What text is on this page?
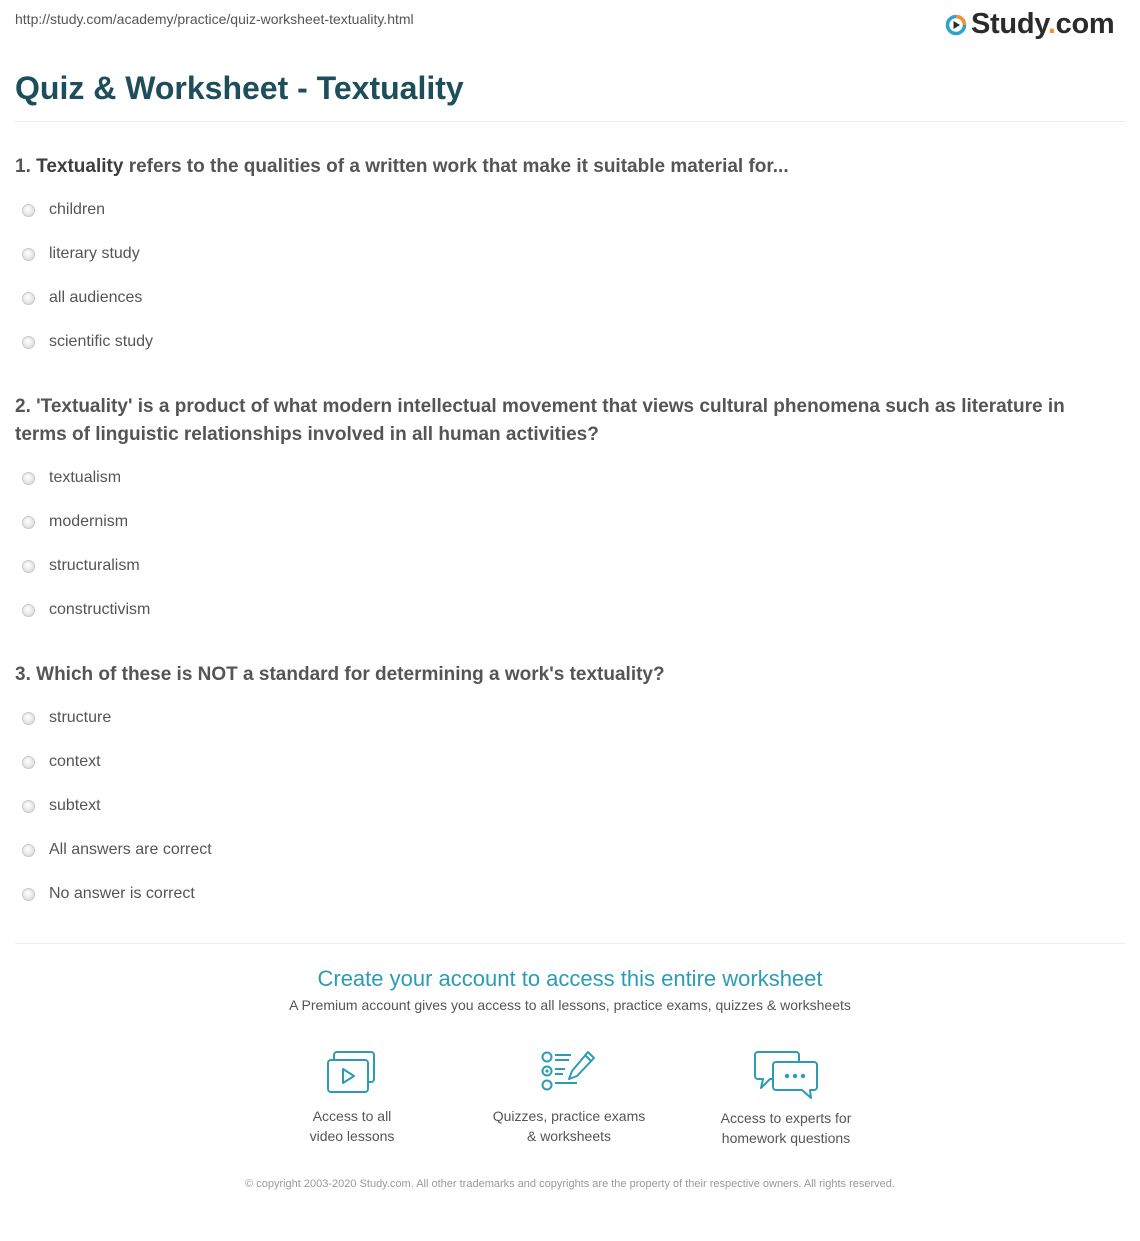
http://study.com/academy/practice/quiz-worksheet-textuality.html	Study.com
Quiz & Worksheet - Textuality

1. Textuality refers to the qualities of a written work that make it suitable material for...

children
literary study
all audiences
scientific study

2. 'Textuality' is a product of what modern intellectual movement that views cultural phenomena such as literature in terms of linguistic relationships involved in all human activities?

textualism
modernism
structuralism
constructivism

3. Which of these is NOT a standard for determining a work's textuality?

structure
context
subtext
All answers are correct
No answer is correct
Create your account to access this entire worksheet
A Premium account gives you access to all lessons, practice exams, quizzes & worksheets
Access to all
video lessons
Quizzes, practice exams
& worksheets
Access to experts for
homework questions
© copyright 2003-2020 Study.com. All other trademarks and copyrights are the property of their respective owners. All rights reserved.
